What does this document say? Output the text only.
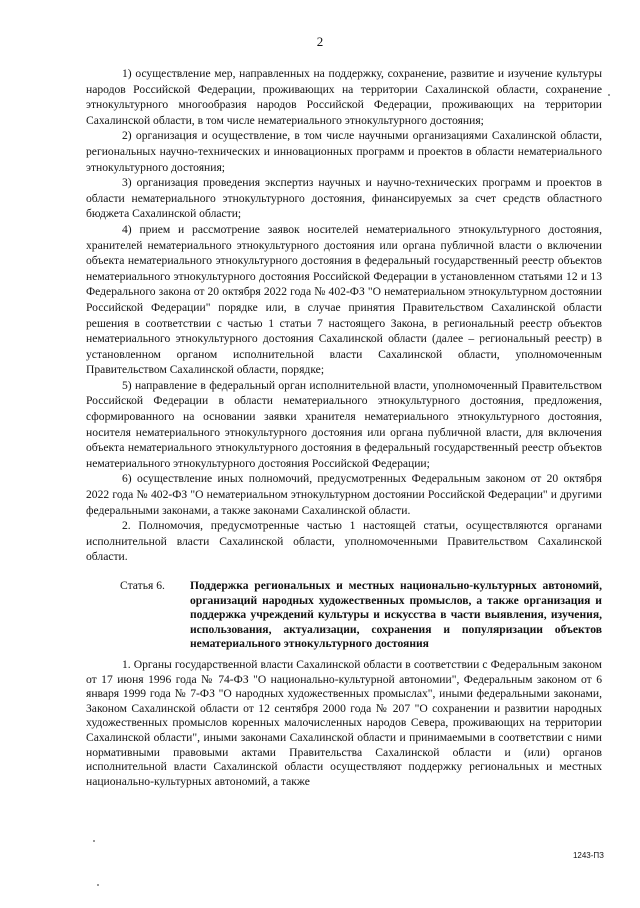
2

1) осуществление мер, направленных на поддержку, сохранение, развитие и изучение культуры народов Российской Федерации, проживающих на территории Сахалинской области, сохранение этнокультурного многообразия народов Российской Федерации, проживающих на территории Сахалинской области, в том числе нематериального этнокультурного достояния;

2) организация и осуществление, в том числе научными организациями Сахалинской области, региональных научно-технических и инновационных программ и проектов в области нематериального этнокультурного достояния;

3) организация проведения экспертиз научных и научно-технических программ и проектов в области нематериального этнокультурного достояния, финансируемых за счет средств областного бюджета Сахалинской области;

4) прием и рассмотрение заявок носителей нематериального этнокультурного достояния, хранителей нематериального этнокультурного достояния или органа публичной власти о включении объекта нематериального этнокультурного достояния в федеральный государственный реестр объектов нематериального этнокультурного достояния Российской Федерации в установленном статьями 12 и 13 Федерального закона от 20 октября 2022 года № 402-ФЗ "О нематериальном этнокультурном достоянии Российской Федерации" порядке или, в случае принятия Правительством Сахалинской области решения в соответствии с частью 1 статьи 7 настоящего Закона, в региональный реестр объектов нематериального этнокультурного достояния Сахалинской области (далее – региональный реестр) в установленном органом исполнительной власти Сахалинской области, уполномоченным Правительством Сахалинской области, порядке;

5) направление в федеральный орган исполнительной власти, уполномоченный Правительством Российской Федерации в области нематериального этнокультурного достояния, предложения, сформированного на основании заявки хранителя нематериального этнокультурного достояния, носителя нематериального этнокультурного достояния или органа публичной власти, для включения объекта нематериального этнокультурного достояния в федеральный государственный реестр объектов нематериального этнокультурного достояния Российской Федерации;

6) осуществление иных полномочий, предусмотренных Федеральным законом от 20 октября 2022 года № 402-ФЗ "О нематериальном этнокультурном достоянии Российской Федерации" и другими федеральными законами, а также законами Сахалинской области.

2. Полномочия, предусмотренные частью 1 настоящей статьи, осуществляются органами исполнительной власти Сахалинской области, уполномоченными Правительством Сахалинской области.

Статья 6.	Поддержка региональных и местных национально-культурных автономий, организаций народных художественных промыслов, а также организация и поддержка учреждений культуры и искусства в части выявления, изучения, использования, актуализации, сохранения и популяризации объектов нематериального этнокультурного достояния

1. Органы государственной власти Сахалинской области в соответствии с Федеральным законом от 17 июня 1996 года № 74-ФЗ "О национально-культурной автономии", Федеральным законом от 6 января 1999 года № 7-ФЗ "О народных художественных промыслах", иными федеральными законами, Законом Сахалинской области от 12 сентября 2000 года № 207 "О сохранении и развитии народных художественных промыслов коренных малочисленных народов Севера, проживающих на территории Сахалинской области", иными законами Сахалинской области и принимаемыми в соответствии с ними нормативными правовыми актами Правительства Сахалинской области и (или) органов исполнительной власти Сахалинской области осуществляют поддержку региональных и местных национально-культурных автономий, а также

1243-ПЗ
